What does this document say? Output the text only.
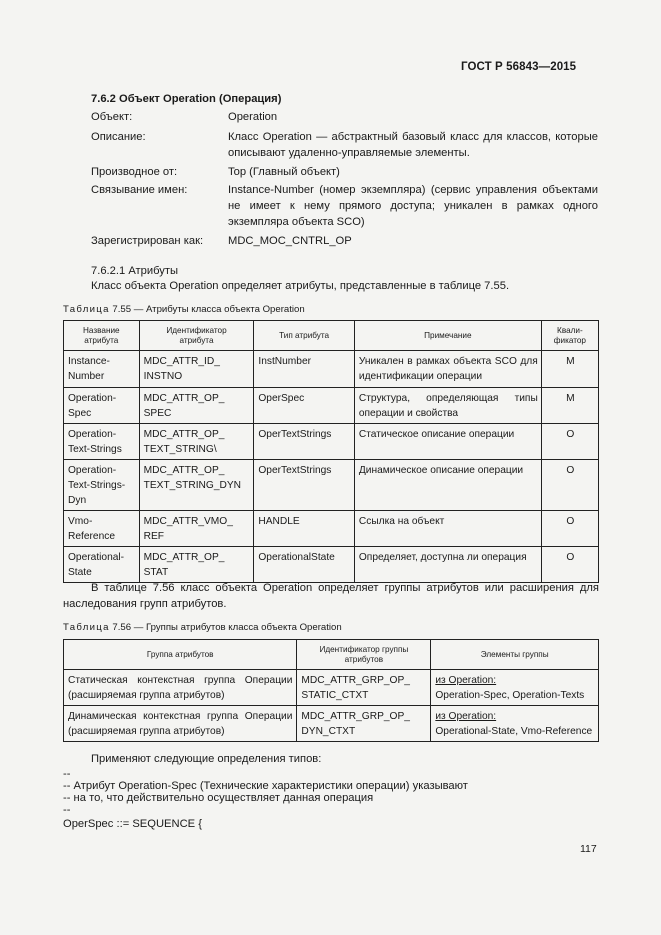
ГОСТ Р 56843—2015
7.6.2 Объект Operation (Операция)
Объект:	Operation
Описание:	Класс Operation — абстрактный базовый класс для классов, которые описывают удаленно-управляемые элементы.
Производное от:	Top (Главный объект)
Связывание имен:	Instance-Number (номер экземпляра) (сервис управления объектами не имеет к нему прямого доступа; уникален в рамках одного экземпляра объекта SCO)
Зарегистрирован как: MDC_MOC_CNTRL_OP
7.6.2.1 Атрибуты
Класс объекта Operation определяет атрибуты, представленные в таблице 7.55.
Таблица 7.55 — Атрибуты класса объекта Operation
Название атрибута	Идентификатор атрибута	Тип атрибута	Примечание	Квали-фикатор
Instance-Number	MDC_ATTR_ID_ INSTNO	InstNumber	Уникален в рамках объекта SCO для идентификации операции	M
Operation-Spec	MDC_ATTR_OP_ SPEC	OperSpec	Структура, определяющая типы операции и свойства	M
Operation-Text-Strings	MDC_ATTR_OP_ TEXT_STRING\	OperTextStrings	Статическое описание операции	O
Operation-Text-Strings-Dyn	MDC_ATTR_OP_ TEXT_STRING_DYN	OperTextStrings	Динамическое описание операции	O
Vmo-Reference	MDC_ATTR_VMO_ REF	HANDLE	Ссылка на объект	O
Operational-State	MDC_ATTR_OP_ STAT	OperationalState	Определяет, доступна ли операция	O
В таблице 7.56 класс объекта Operation определяет группы атрибутов или расширения для наследования групп атрибутов.
Таблица 7.56 — Группы атрибутов класса объекта Operation
Группа атрибутов	Идентификатор группы атрибутов	Элементы группы
Статическая контекстная группа Операции (расширяемая группа атрибутов)	MDC_ATTR_GRP_OP_ STATIC_CTXT	из Operation:
Operation-Spec, Operation-Texts

Динамическая контекстная группа Операции (расширяемая группа атрибутов)	MDC_ATTR_GRP_OP_ DYN_CTXT	из Operation:
Operational-State, Vmo-Reference
Применяют следующие определения типов:
--
-- Атрибут Operation-Spec (Технические характеристики операции) указывают
-- на то, что действительно осуществляет данная операция
--
OperSpec ::= SEQUENCE {
117
